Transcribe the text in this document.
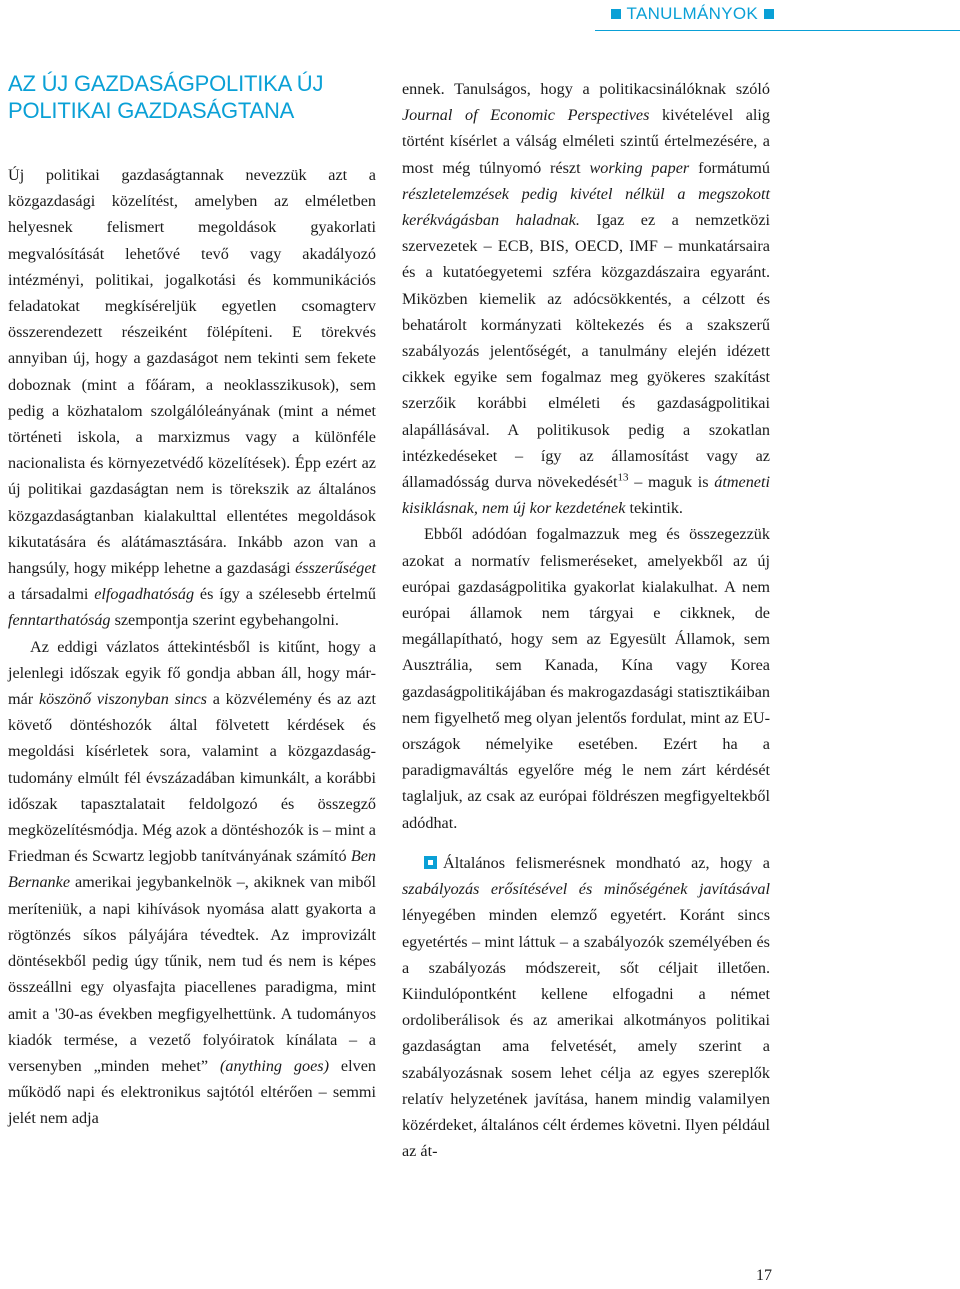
TANULMÁNYOK
AZ ÚJ GAZDASÁGPOLITIKA ÚJ POLITIKAI GAZDASÁGTANA

Új politikai gazdaságtannak nevezzük azt a közgazdasági közelítést, amelyben az elméletben helyesnek felismert megoldások gyakorlati megvalósítását lehetővé tevő vagy akadályozó intézményi, politikai, jogalkotási és kommunikációs feladatokat megkíséreljük egyetlen csomagterv összerendezett részeiként fölépíteni. E törekvés annyiban új, hogy a gazdaságot nem tekinti sem fekete doboznak (mint a főáram, a neoklasszikusok), sem pedig a közhatalom szolgálóleányának (mint a német történeti iskola, a marxizmus vagy a különféle nacionalista és környezetvédő közelítések). Épp ezért az új politikai gazdaságtan nem is törekszik az általános közgazdaságtanban kialakulttal ellentétes megoldások kikutatására és alátámasztására. Inkább azon van a hangsúly, hogy miképp lehetne a gazdasági ésszerűséget a társadalmi elfogadhatóság és így a szélesebb értelmű fenntarthatóság szempontja szerint egybehangolni.

Az eddigi vázlatos áttekintésből is kitűnt, hogy a jelenlegi időszak egyik fő gondja abban áll, hogy már-már köszönő viszonyban sincs a közvélemény és az azt követő döntéshozók által fölvetett kérdések és megoldási kísérletek sora, valamint a közgazdaság-tudomány elmúlt fél évszázadában kimunkált, a korábbi időszak tapasztalatait feldolgozó és összegző megközelítésmódja. Még azok a döntéshozók is – mint a Friedman és Scwartz legjobb tanítványának számító Ben Bernanke amerikai jegybankelnök –, akiknek van miből meríteniük, a napi kihívások nyomása alatt gyakorta a rögtönzés síkos pályájára tévedtek. Az improvizált döntésekből pedig úgy tűnik, nem tud és nem is képes összeállni egy olyasfajta piacellenes paradigma, mint amit a '30-as években megfigyelhettünk. A tudományos kiadók termése, a vezető folyóiratok kínálata – a versenyben „minden mehet” (anything goes) elven működő napi és elektronikus sajtótól eltérően – semmi jelét nem adja

ennek. Tanulságos, hogy a politikacsinálóknak szóló Journal of Economic Perspectives kivételével alig történt kísérlet a válság elméleti szintű értelmezésére, a most még túlnyomó részt working paper formátumú részletelemzések pedig kivétel nélkül a megszokott kerékvágásban haladnak. Igaz ez a nemzetközi szervezetek – ECB, BIS, OECD, IMF – munkatársaira és a kutatóegyetemi szféra közgazdászaira egyaránt. Miközben kiemelik az adócsökkentés, a célzott és behatárolt kormányzati költekezés és a szakszerű szabályozás jelentőségét, a tanulmány elején idézett cikkek egyike sem fogalmaz meg gyökeres szakítást szerzőik korábbi elméleti és gazdaságpolitikai alapállásával. A politikusok pedig a szokatlan intézkedéseket – így az államosítást vagy az államadósság durva növekedését$^{13}$ – maguk is átmeneti kisiklásnak, nem új kor kezdetének tekintik.

Ebből adódóan fogalmazzuk meg és összegezzük azokat a normatív felismeréseket, amelyekből az új európai gazdaságpolitika gyakorlat kialakulhat. A nem európai államok nem tárgyai e cikknek, de megállapítható, hogy sem az Egyesült Államok, sem Ausztrália, sem Kanada, Kína vagy Korea gazdaságpolitikájában és makrogazdasági statisztikáiban nem figyelhető meg olyan jelentős fordulat, mint az EU-országok némelyike esetében. Ezért ha a paradigmaváltás egyelőre még le nem zárt kérdését taglaljuk, az csak az európai földrészen megfigyeltekből adódhat.

Általános felismerésnek mondható az, hogy a szabályozás erősítésével és minőségének javításával lényegében minden elemző egyetért. Koránt sincs egyetértés – mint láttuk – a szabályozók személyében és a szabályozás módszereit, sőt céljait illetően. Kiindulópontként kellene elfogadni a német ordoliberálisok és az amerikai alkotmányos politikai gazdaságtan ama felvetését, amely szerint a szabályozásnak sosem lehet célja az egyes szereplők relatív helyzetének javítása, hanem mindig valamilyen közérdeket, általános célt érdemes követni. Ilyen például az át-

17
